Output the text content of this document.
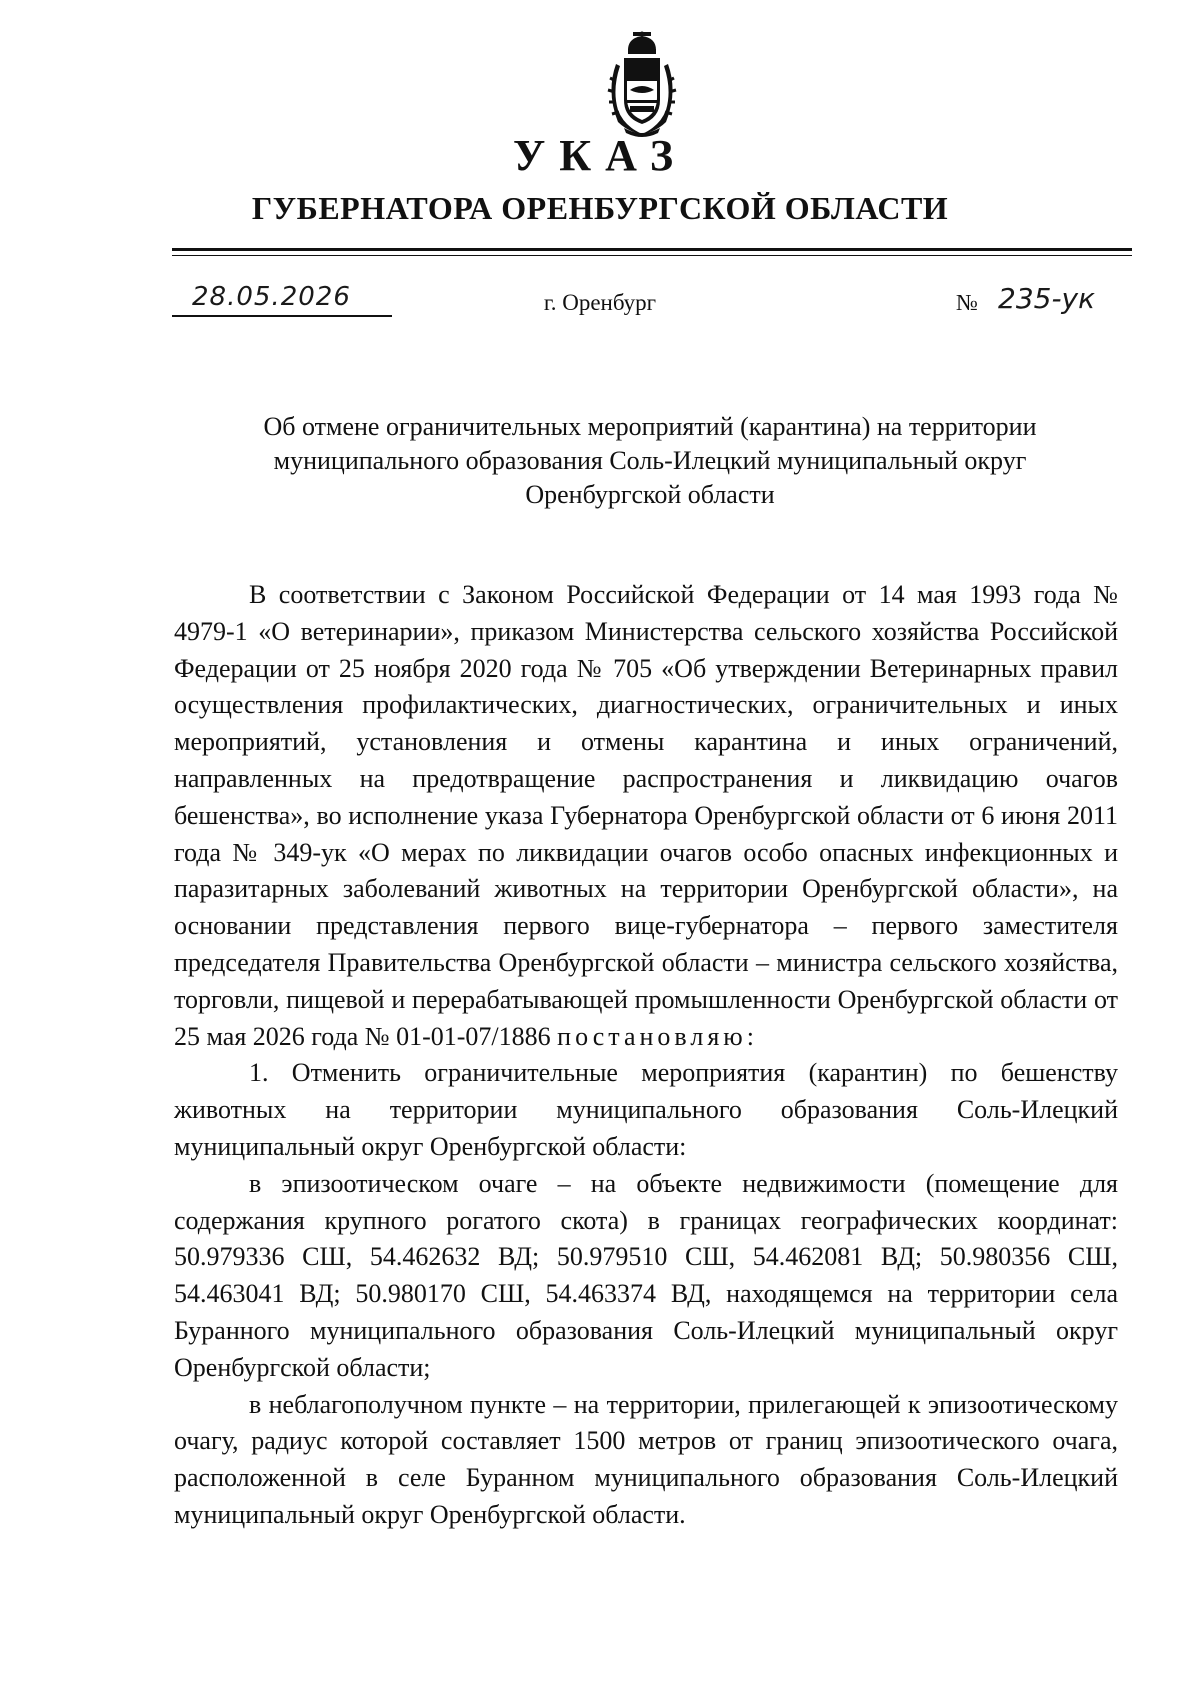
УКАЗ
ГУБЕРНАТОРА ОРЕНБУРГСКОЙ ОБЛАСТИ
28.05.2026	г. Оренбург	№ 235-ук
Об отмене ограничительных мероприятий (карантина) на территории
муниципального образования Соль-Илецкий муниципальный округ
Оренбургской области

В соответствии с Законом Российской Федерации от 14 мая 1993 года № 4979-1 «О ветеринарии», приказом Министерства сельского хозяйства Российской Федерации от 25 ноября 2020 года № 705 «Об утверждении Ветеринарных правил осуществления профилактических, диагностических, ограничительных и иных мероприятий, установления и отмены карантина и иных ограничений, направленных на предотвращение распространения и ликвидацию очагов бешенства», во исполнение указа Губернатора Оренбургской области от 6 июня 2011 года № 349-ук «О мерах по ликвидации очагов особо опасных инфекционных и паразитарных заболеваний животных на территории Оренбургской области», на основании представления первого вице-губернатора – первого заместителя председателя Правительства Оренбургской области – министра сельского хозяйства, торговли, пищевой и перерабатывающей промышленности Оренбургской области от 25 мая 2026 года № 01-01-07/1886 постановляю:

1. Отменить ограничительные мероприятия (карантин) по бешенству животных на территории муниципального образования Соль-Илецкий муниципальный округ Оренбургской области:

в эпизоотическом очаге – на объекте недвижимости (помещение для содержания крупного рогатого скота) в границах географических координат: 50.979336 СШ, 54.462632 ВД; 50.979510 СШ, 54.462081 ВД; 50.980356 СШ, 54.463041 ВД; 50.980170 СШ, 54.463374 ВД, находящемся на территории села Буранного муниципального образования Соль-Илецкий муниципальный округ Оренбургской области;

в неблагополучном пункте – на территории, прилегающей к эпизоотическому очагу, радиус которой составляет 1500 метров от границ эпизоотического очага, расположенной в селе Буранном муниципального образования Соль-Илецкий муниципальный округ Оренбургской области.
